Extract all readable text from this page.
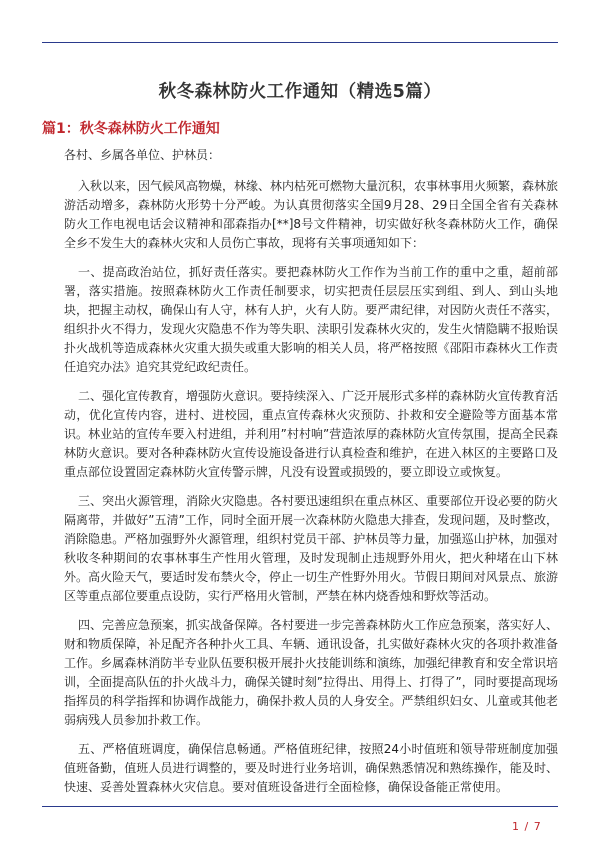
秋冬森林防火工作通知（精选5篇）
篇1：秋冬森林防火工作通知

各村、乡属各单位、护林员：

入秋以来，因气候风高物燥，林缘、林内枯死可燃物大量沉积，农事林事用火频繁，森林旅游活动增多，森林防火形势十分严峻。为认真贯彻落实全国9月28、29日全国全省有关森林防火工作电视电话会议精神和邵森指办[**]8号文件精神，切实做好秋冬森林防火工作，确保全乡不发生大的森林火灾和人员伤亡事故，现将有关事项通知如下：

一、提高政治站位，抓好责任落实。要把森林防火工作作为当前工作的重中之重，超前部署，落实措施。按照森林防火工作责任制要求，切实把责任层层压实到组、到人、到山头地块，把握主动权，确保山有人守，林有人护，火有人防。要严肃纪律，对因防火责任不落实，组织扑火不得力，发现火灾隐患不作为等失职、渎职引发森林火灾的，发生火情隐瞒不报贻误扑火战机等造成森林火灾重大损失或重大影响的相关人员，将严格按照《邵阳市森林火工作责任追究办法》追究其党纪政纪责任。

二、强化宣传教育，增强防火意识。要持续深入、广泛开展形式多样的森林防火宣传教育活动，优化宣传内容，进村、进校园，重点宣传森林火灾预防、扑救和安全避险等方面基本常识。林业站的宣传车要入村进组，并利用”村村响”营造浓厚的森林防火宣传氛围，提高全民森林防火意识。要对各种森林防火宣传设施设备进行认真检查和维护，在进入林区的主要路口及重点部位设置固定森林防火宣传警示牌，凡没有设置或损毁的，要立即设立或恢复。

三、突出火源管理，消除火灾隐患。各村要迅速组织在重点林区、重要部位开设必要的防火隔离带，并做好”五清”工作，同时全面开展一次森林防火隐患大排查，发现问题，及时整改，消除隐患。严格加强野外火源管理，组织村党员干部、护林员等力量，加强巡山护林，加强对秋收冬种期间的农事林事生产性用火管理，及时发现制止违规野外用火，把火种堵在山下林外。高火险天气，要适时发布禁火令，停止一切生产性野外用火。节假日期间对风景点、旅游区等重点部位要重点设防，实行严格用火管制，严禁在林内烧香烛和野炊等活动。

四、完善应急预案，抓实战备保障。各村要进一步完善森林防火工作应急预案，落实好人、财和物质保障，补足配齐各种扑火工具、车辆、通讯设备，扎实做好森林火灾的各项扑救准备工作。乡属森林消防半专业队伍要积极开展扑火技能训练和演练，加强纪律教育和安全常识培训，全面提高队伍的扑火战斗力，确保关键时刻”拉得出、用得上、打得了”，同时要提高现场指挥员的科学指挥和协调作战能力，确保扑救人员的人身安全。严禁组织妇女、儿童或其他老弱病残人员参加扑救工作。

五、严格值班调度，确保信息畅通。严格值班纪律，按照24小时值班和领导带班制度加强值班备勤，值班人员进行调整的，要及时进行业务培训，确保熟悉情况和熟练操作，能及时、快速、妥善处置森林火灾信息。要对值班设备进行全面检修，确保设备能正常使用。

1 / 7
